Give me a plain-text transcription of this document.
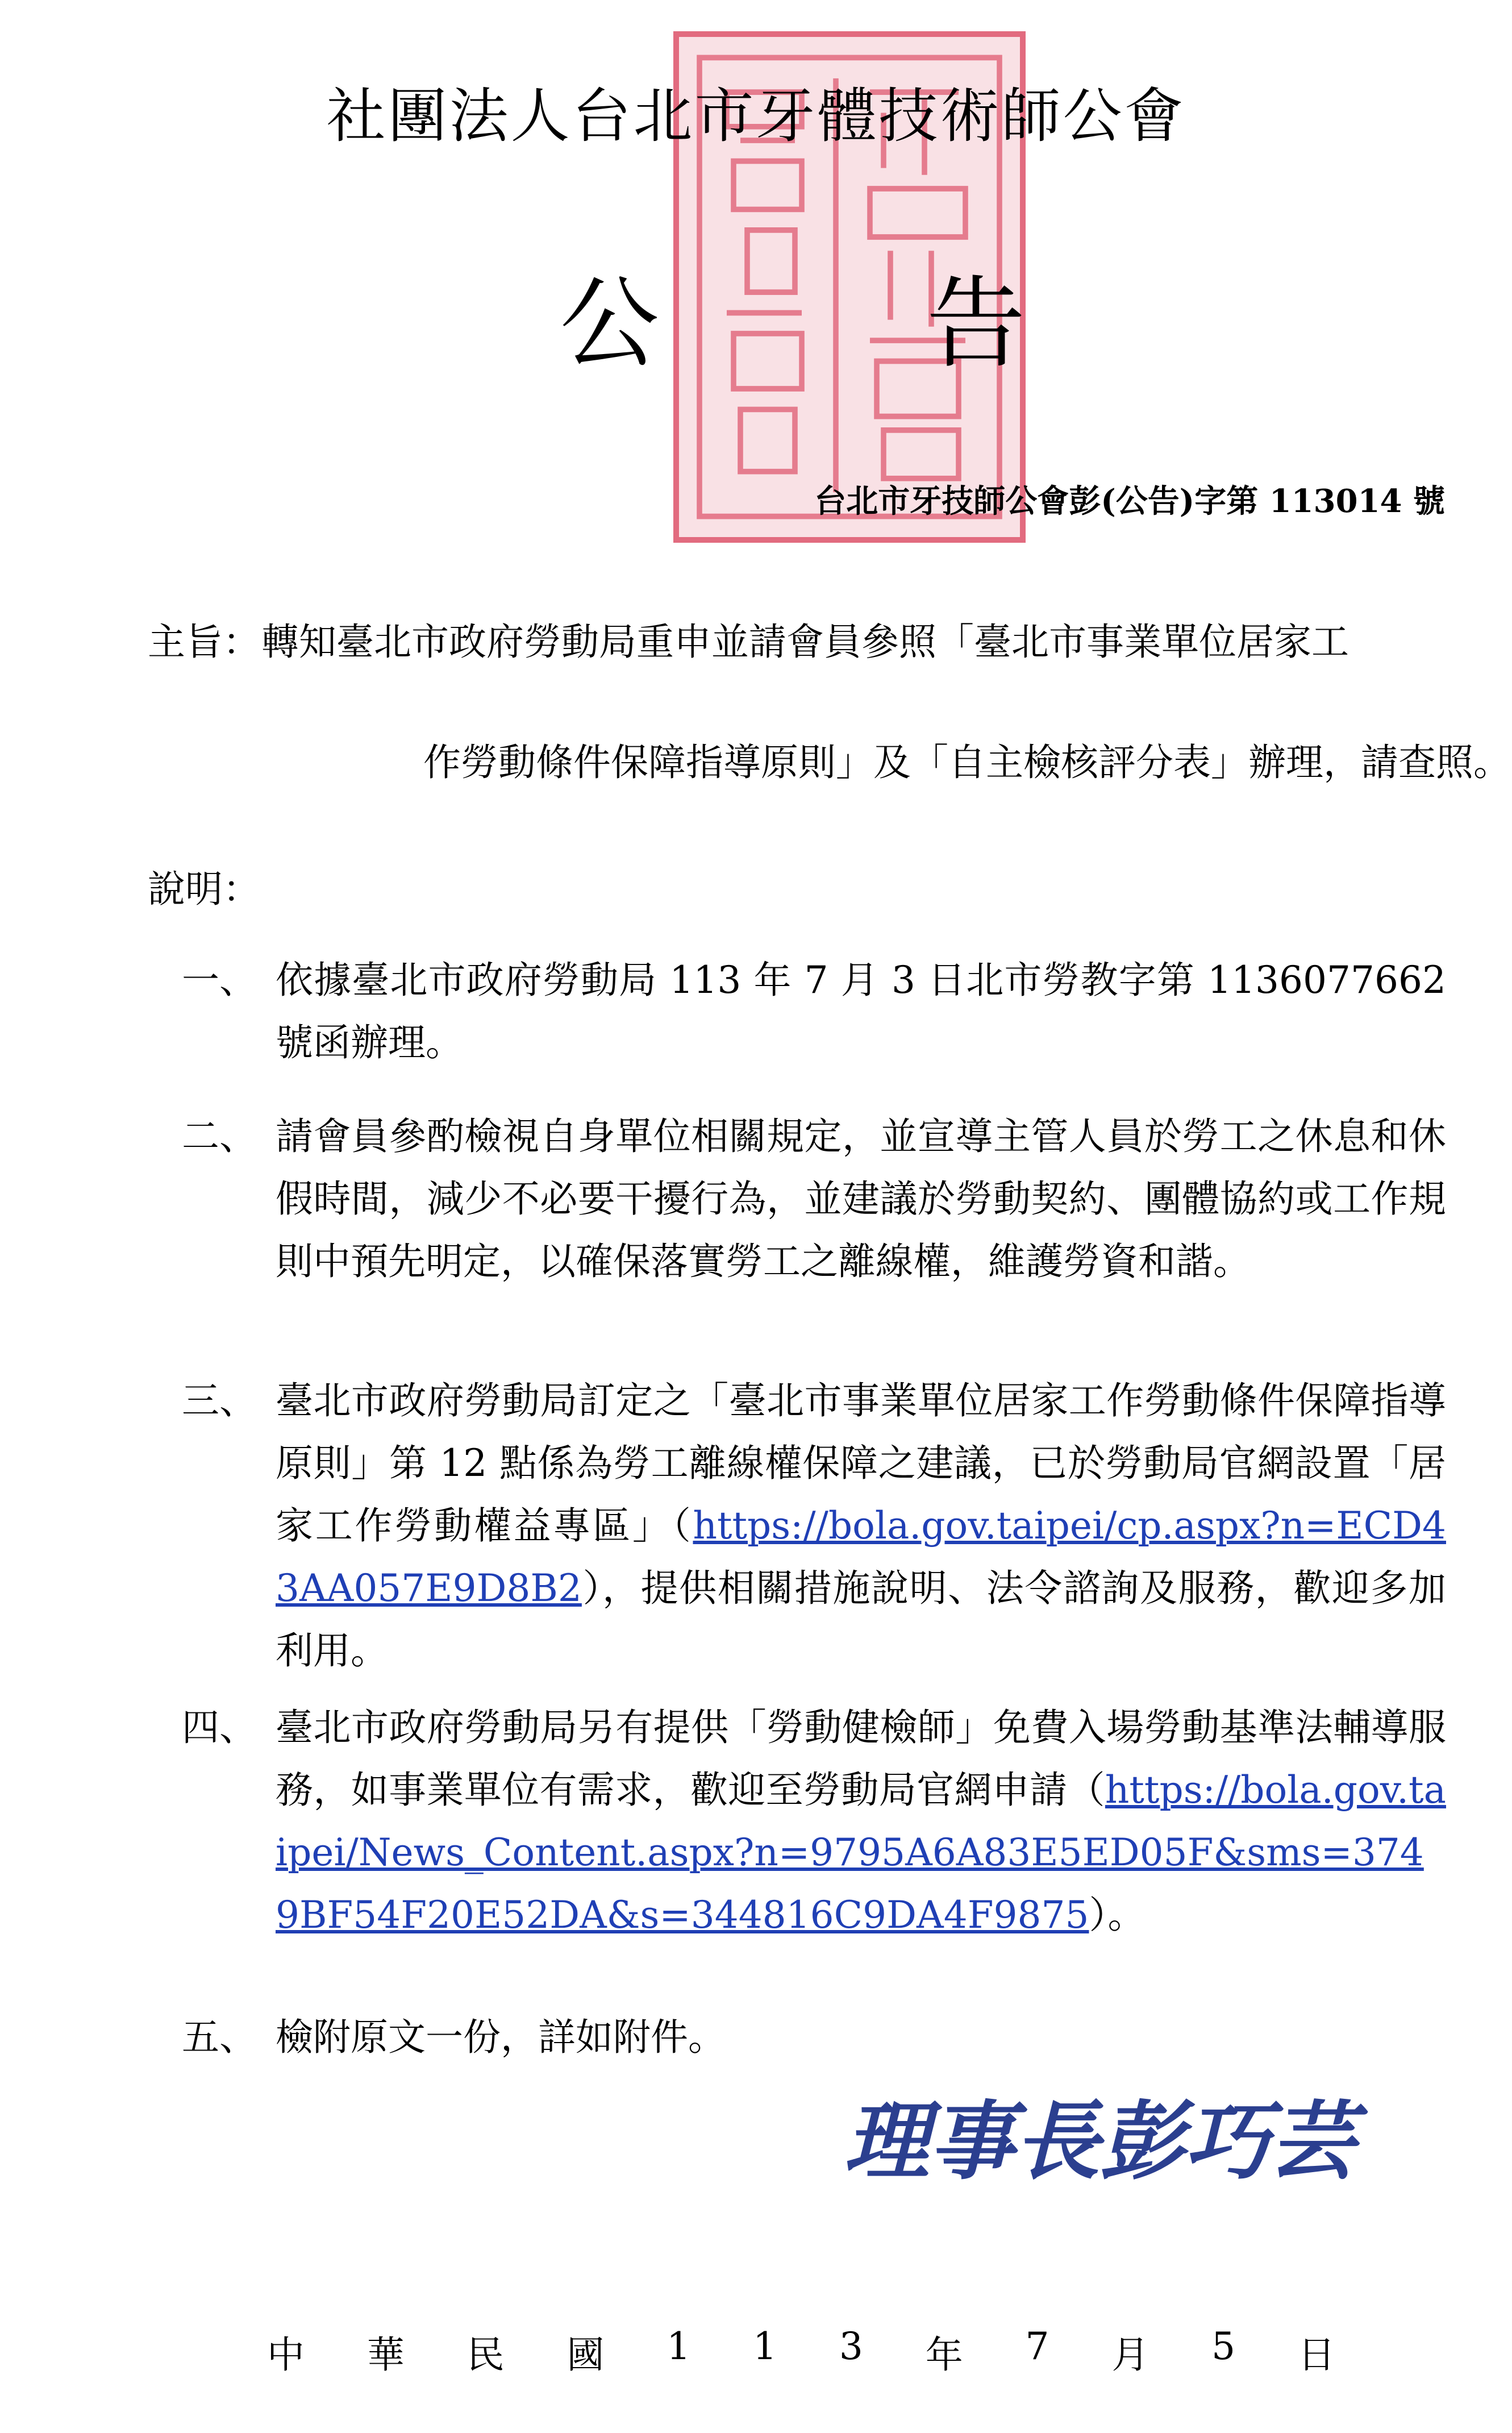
社團法人台北市牙體技術師公會
公	告
台北市牙技師公會彭(公告)字第 113014 號
主旨： 轉知臺北市政府勞動局重申並請會員參照「臺北市事業單位居家工
作勞動條件保障指導原則」及「自主檢核評分表」辦理，請查照。
說明：
一、 依據臺北市政府勞動局 113 年 7 月 3 日北市勞教字第 1136077662 號函辦理。
二、 請會員參酌檢視自身單位相關規定，並宣導主管人員於勞工之休息和休假時間，減少不必要干擾行為，並建議於勞動契約、團體協約或工作規則中預先明定，以確保落實勞工之離線權，維護勞資和諧。
三、 臺北市政府勞動局訂定之「臺北市事業單位居家工作勞動條件保障指導原則」第 12 點係為勞工離線權保障之建議，已於勞動局官網設置「居家工作勞動權益專區」（https://bola.gov.taipei/cp.aspx?n=ECD43AA057E9D8B2），提供相關措施說明、法令諮詢及服務，歡迎多加利用。
四、 臺北市政府勞動局另有提供「勞動健檢師」免費入場勞動基準法輔導服務，如事業單位有需求，歡迎至勞動局官網申請（https://bola.gov.taipei/News_Content.aspx?n=9795A6A83E5ED05F&sms=3749BF54F20E52DA&s=344816C9DA4F9875）。
五、 檢附原文一份，詳如附件。
理事長彭巧芸
中 華 民 國 1 1 3 年 7 月 5 日
